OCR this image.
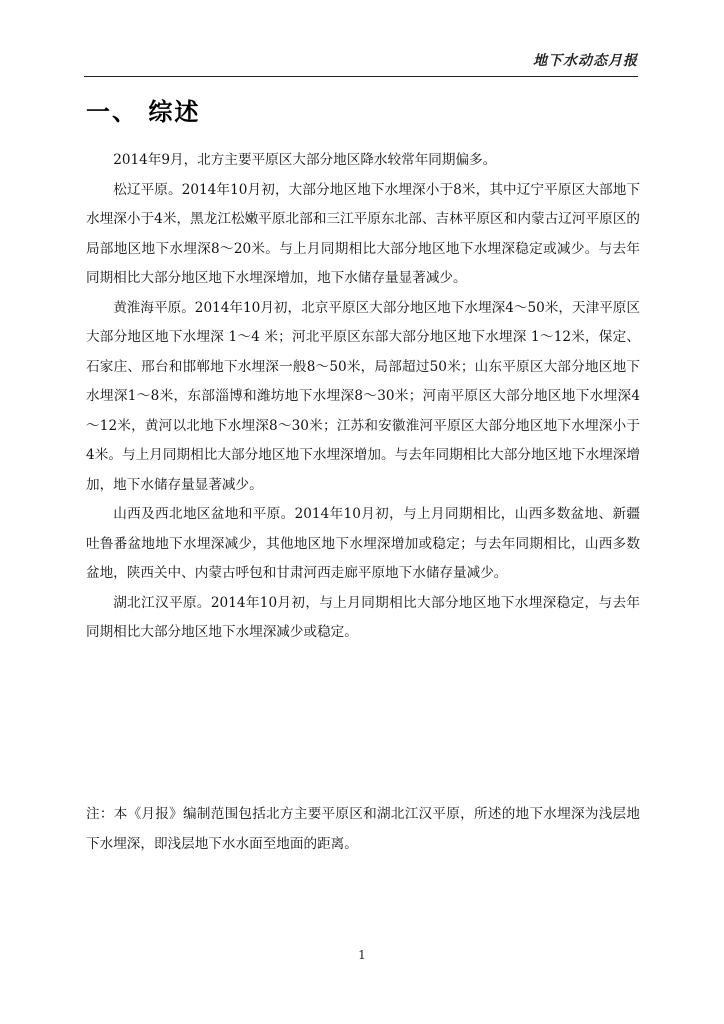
地下水动态月报
一、 综述

2014年9月，北方主要平原区大部分地区降水较常年同期偏多。

松辽平原。2014年10月初，大部分地区地下水埋深小于8米，其中辽宁平原区大部地下水埋深小于4米，黑龙江松嫩平原北部和三江平原东北部、吉林平原区和内蒙古辽河平原区的局部地区地下水埋深8～20米。与上月同期相比大部分地区地下水埋深稳定或减少。与去年同期相比大部分地区地下水埋深增加，地下水储存量显著减少。

黄淮海平原。2014年10月初，北京平原区大部分地区地下水埋深4～50米，天津平原区大部分地区地下水埋深 1～4 米；河北平原区东部大部分地区地下水埋深 1～12米，保定、石家庄、邢台和邯郸地下水埋深一般8～50米，局部超过50米；山东平原区大部分地区地下水埋深1～8米，东部淄博和潍坊地下水埋深8～30米；河南平原区大部分地区地下水埋深4～12米，黄河以北地下水埋深8～30米；江苏和安徽淮河平原区大部分地区地下水埋深小于4米。与上月同期相比大部分地区地下水埋深增加。与去年同期相比大部分地区地下水埋深增加，地下水储存量显著减少。

山西及西北地区盆地和平原。2014年10月初，与上月同期相比，山西多数盆地、新疆吐鲁番盆地地下水埋深减少，其他地区地下水埋深增加或稳定；与去年同期相比，山西多数盆地，陕西关中、内蒙古呼包和甘肃河西走廊平原地下水储存量减少。

湖北江汉平原。2014年10月初，与上月同期相比大部分地区地下水埋深稳定，与去年同期相比大部分地区地下水埋深减少或稳定。

注：本《月报》编制范围包括北方主要平原区和湖北江汉平原，所述的地下水埋深为浅层地下水埋深，即浅层地下水水面至地面的距离。

1
